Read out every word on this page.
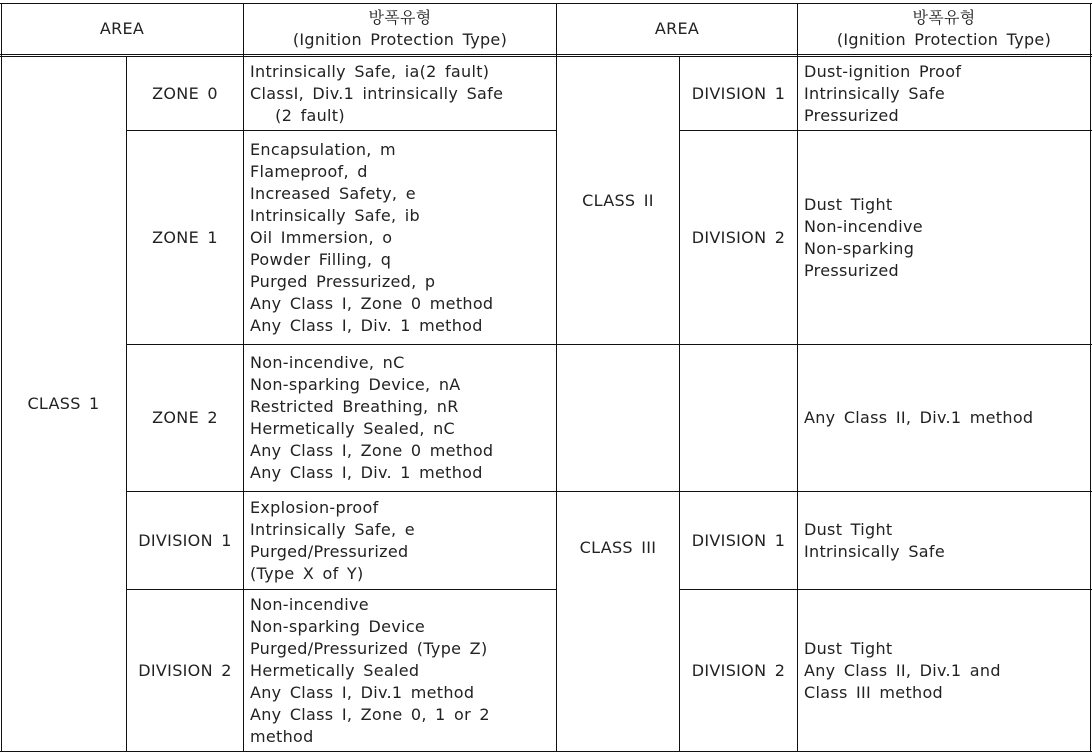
AREA
방폭유형
(Ignition Protection Type)
AREA
방폭유형
(Ignition Protection Type)
CLASS 1
ZONE 0
ZONE 1
ZONE 2
DIVISION 1
DIVISION 2
Intrinsically Safe, ia(2 fault)
ClassI, Div.1 intrinsically Safe
(2 fault)
Encapsulation, m
Flameproof, d
Increased Safety, e
Intrinsically Safe, ib
Oil Immersion, o
Powder Filling, q
Purged Pressurized, p
Any Class I, Zone 0 method
Any Class I, Div. 1 method
Non-incendive, nC
Non-sparking Device, nA
Restricted Breathing, nR
Hermetically Sealed, nC
Any Class I, Zone 0 method
Any Class I, Div. 1 method
Explosion-proof
Intrinsically Safe, e
Purged/Pressurized
(Type X of Y)
Non-incendive
Non-sparking Device
Purged/Pressurized (Type Z)
Hermetically Sealed
Any Class I, Div.1 method
Any Class I, Zone 0, 1 or 2
method
CLASS II
CLASS III
DIVISION 1
DIVISION 2
DIVISION 1
DIVISION 2
Dust-ignition Proof
Intrinsically Safe
Pressurized
Dust Tight
Non-incendive
Non-sparking
Pressurized
Any Class II, Div.1 method
Dust Tight
Intrinsically Safe
Dust Tight
Any Class II, Div.1 and
Class III method
